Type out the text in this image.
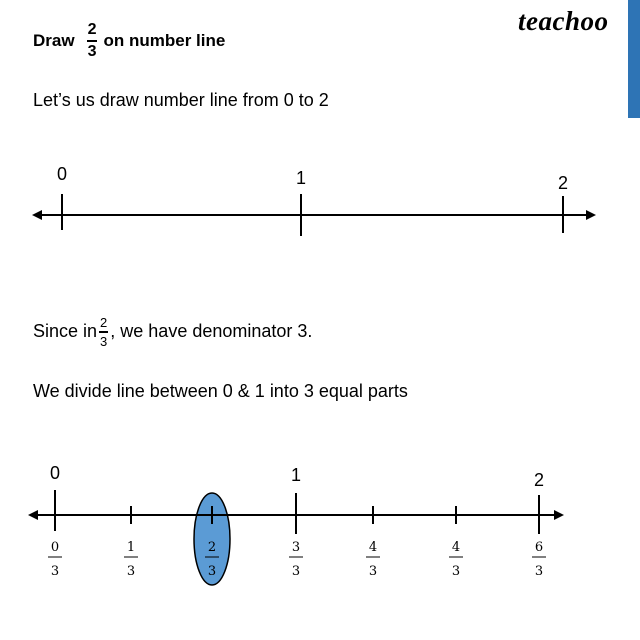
teachoo
Draw $\frac{2}{3}$ on number line
Let’s us draw number line from 0 to 2
Since in $\frac{2}{3}$ , we have denominator 3.
We divide line between 0 & 1 into 3 equal parts
0	1	2
0	1	2
0
3
1
3
2
3
3
3
4
3
4
3
6
3
